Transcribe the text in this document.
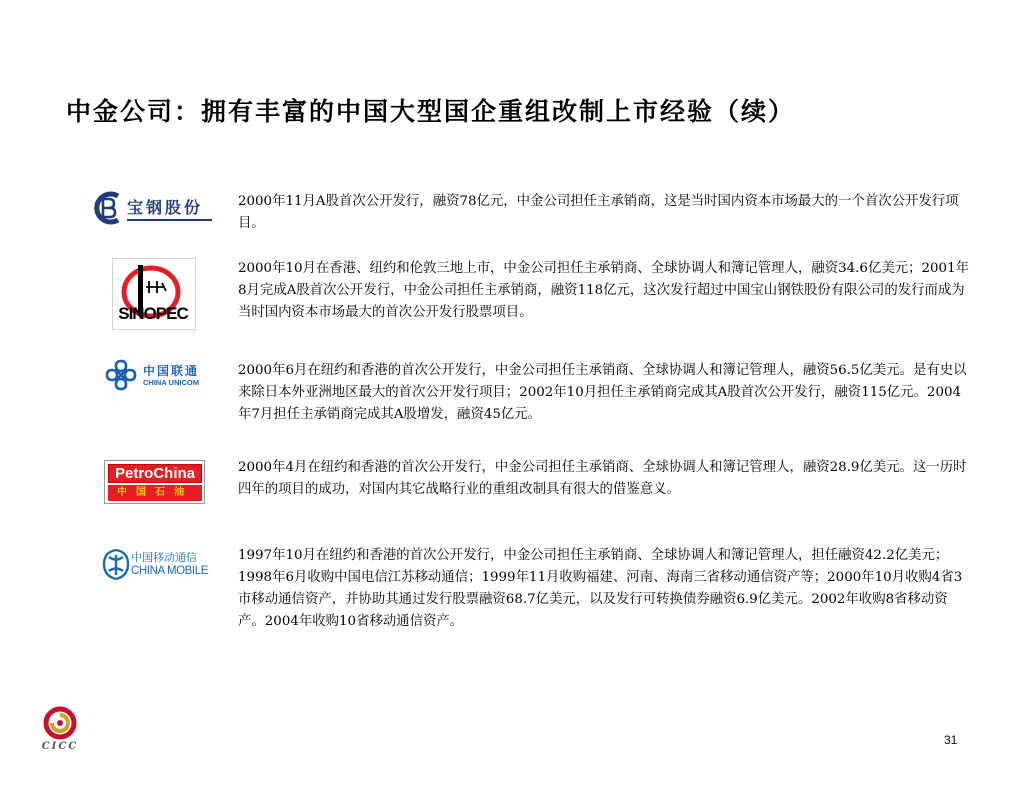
中金公司：拥有丰富的中国大型国企重组改制上市经验（续）
宝钢股份	2000年11月A股首次公开发行，融资78亿元，中金公司担任主承销商，这是当时国内资本市场最大的一个首次公开发行项目。

SINOPEC

2000年10月在香港、纽约和伦敦三地上市，中金公司担任主承销商、全球协调人和簿记管理人，融资34.6亿美元；2001年8月完成A股首次公开发行，中金公司担任主承销商，融资118亿元，这次发行超过中国宝山钢铁股份有限公司的发行而成为当时国内资本市场最大的首次公开发行股票项目。

中国联通
CHINA UNICOM

2000年6月在纽约和香港的首次公开发行，中金公司担任主承销商、全球协调人和簿记管理人，融资56.5亿美元。是有史以来除日本外亚洲地区最大的首次公开发行项目；2002年10月担任主承销商完成其A股首次公开发行，融资115亿元。2004年7月担任主承销商完成其A股增发，融资45亿元。

PetroChina
中国石油

2000年4月在纽约和香港的首次公开发行，中金公司担任主承销商、全球协调人和簿记管理人，融资28.9亿美元。这一历时四年的项目的成功，对国内其它战略行业的重组改制具有很大的借鉴意义。

中国移动通信
CHINA MOBILE

1997年10月在纽约和香港的首次公开发行，中金公司担任主承销商、全球协调人和簿记管理人，担任融资42.2亿美元；1998年6月收购中国电信江苏移动通信；1999年11月收购福建、河南、海南三省移动通信资产等；2000年10月收购4省3市移动通信资产，并协助其通过发行股票融资68.7亿美元，以及发行可转换债券融资6.9亿美元。2002年收购8省移动资产。2004年收购10省移动通信资产。

CICC	31
